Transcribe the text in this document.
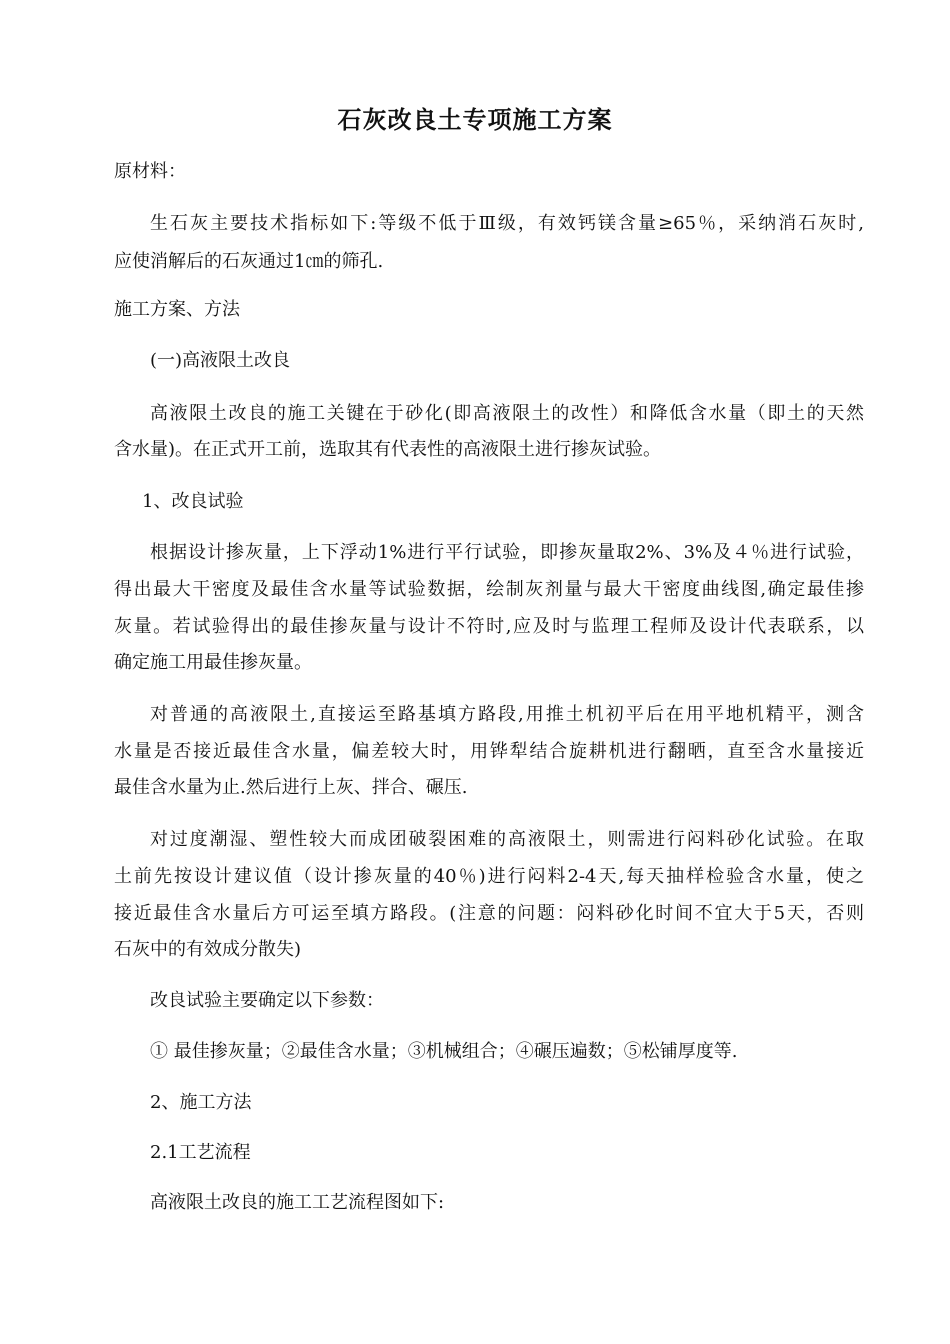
石灰改良土专项施工方案

原材料：

生石灰主要技术指标如下:等级不低于Ⅲ级，有效钙镁含量≥65％，采纳消石灰时,

应使消解后的石灰通过1㎝的筛孔.

施工方案、方法

(一)高液限土改良

高液限土改良的施工关键在于砂化(即高液限土的改性）和降低含水量（即土的天然

含水量)。在正式开工前，选取其有代表性的高液限土进行掺灰试验。

1、改良试验

根据设计掺灰量，上下浮动1%进行平行试验，即掺灰量取2%、3%及４％进行试验，

得出最大干密度及最佳含水量等试验数据，绘制灰剂量与最大干密度曲线图,确定最佳掺

灰量。若试验得出的最佳掺灰量与设计不符时,应及时与监理工程师及设计代表联系，以

确定施工用最佳掺灰量。

对普通的高液限土,直接运至路基填方路段,用推土机初平后在用平地机精平，测含

水量是否接近最佳含水量，偏差较大时，用铧犁结合旋耕机进行翻晒，直至含水量接近

最佳含水量为止.然后进行上灰、拌合、碾压.

对过度潮湿、塑性较大而成团破裂困难的高液限土，则需进行闷料砂化试验。在取

土前先按设计建议值（设计掺灰量的40％)进行闷料2-4天,每天抽样检验含水量，使之

接近最佳含水量后方可运至填方路段。(注意的问题：闷料砂化时间不宜大于5天，否则

石灰中的有效成分散失)

改良试验主要确定以下参数：

① 最佳掺灰量；②最佳含水量；③机械组合；④碾压遍数；⑤松铺厚度等.

2、施工方法

2.1工艺流程

高液限土改良的施工工艺流程图如下:
